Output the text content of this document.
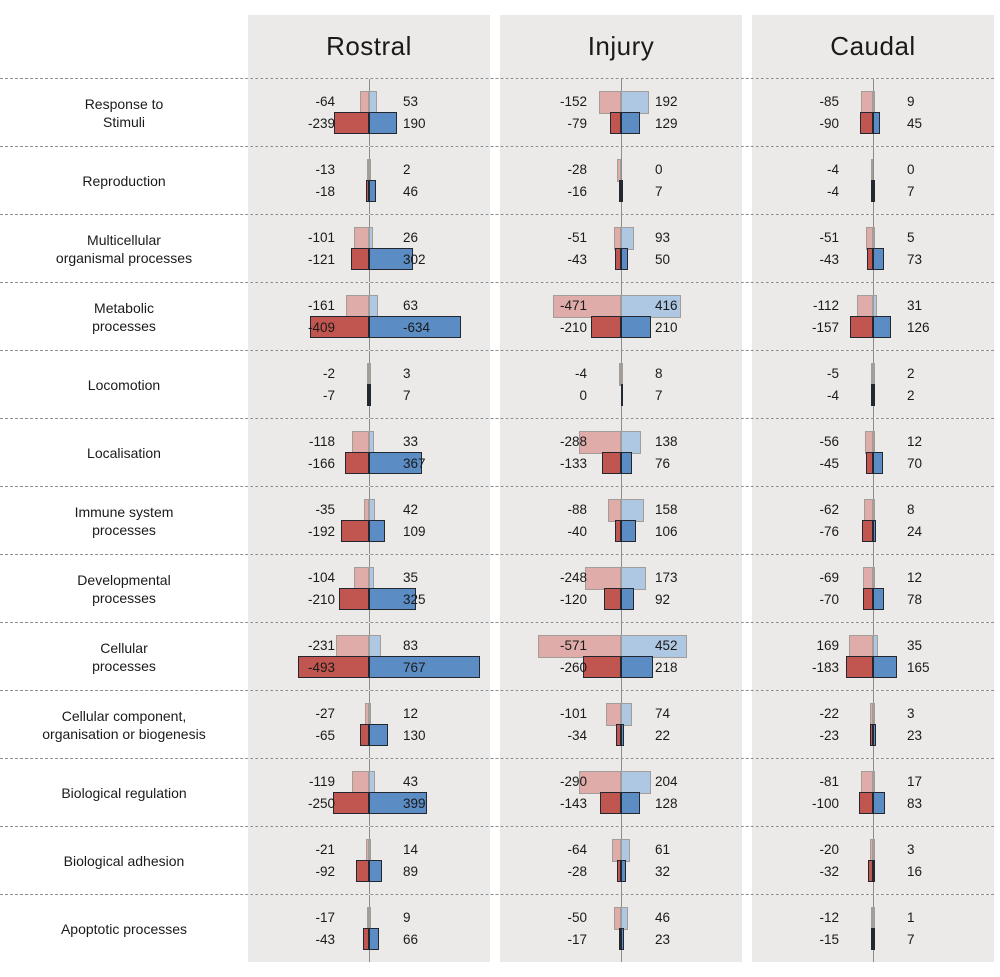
Rostral	Injury	Caudal
Response to
Stimuli
-64	53
-239	190
-152	192
-79	129
-85	9
-90	45
Reproduction
-13	2
-18	46
-28	0
-16	7
-4	0
-4	7
Multicellular
organismal processes
-101	26
-121	302
-51	93
-43	50
-51	5
-43	73
Metabolic
processes
-161	63
-409	-634
-471	416
-210	210
-112	31
-157	126
Locomotion
-2	3
-7	7
-4	8
0	7
-5	2
-4	2
Localisation
-118	33
-166	367
-288	138
-133	76
-56	12
-45	70
Immune system
processes
-35	42
-192	109
-88	158
-40	106
-62	8
-76	24
Developmental
processes
-104	35
-210	325
-248	173
-120	92
-69	12
-70	78
Cellular
processes
-231	83
-493	767
-571	452
-260	218
169	35
-183	165
Cellular component,
organisation or biogenesis
-27	12
-65	130
-101	74
-34	22
-22	3
-23	23
Biological regulation
-119	43
-250	399
-290	204
-143	128
-81	17
-100	83
Biological adhesion
-21	14
-92	89
-64	61
-28	32
-20	3
-32	16
Apoptotic processes
-17	9
-43	66
-50	46
-17	23
-12	1
-15	7
